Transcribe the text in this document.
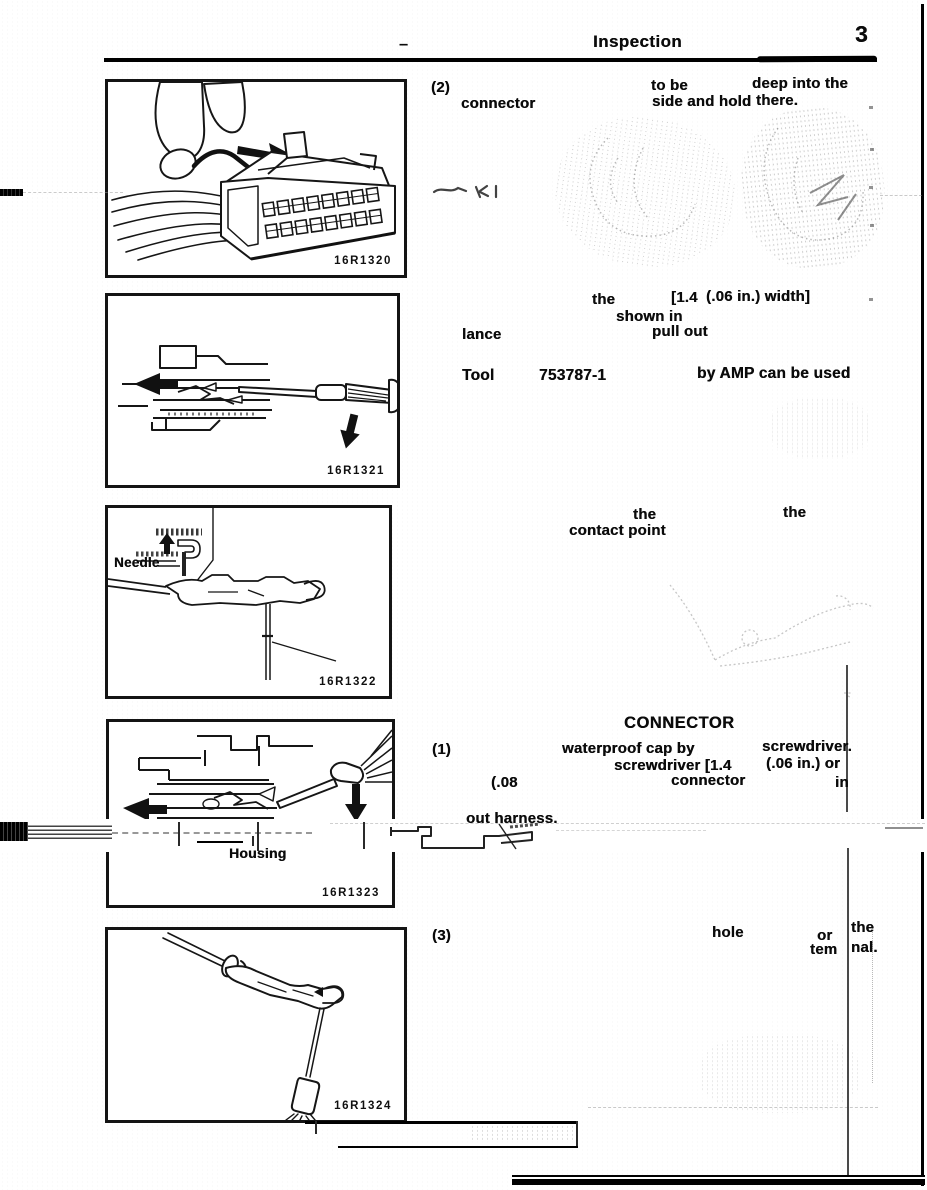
–	Inspection	3
16R1320
16R1321
16R1322
Needle
16R1323
Housing
16R1324
(2)
connector
to be
side and hold
deep into the
there.
the	[1.4 (.06 in.) width]
shown in
lance	pull out
Tool	753787-1	by AMP can be used
the	the
contact point
CONNECTOR
(1)	waterproof cap by	screwdriver.
screwdriver [1.4 (.06 in.) or
(.08	connector	in
out harness.
(3)	hole	or the
tem nal.
